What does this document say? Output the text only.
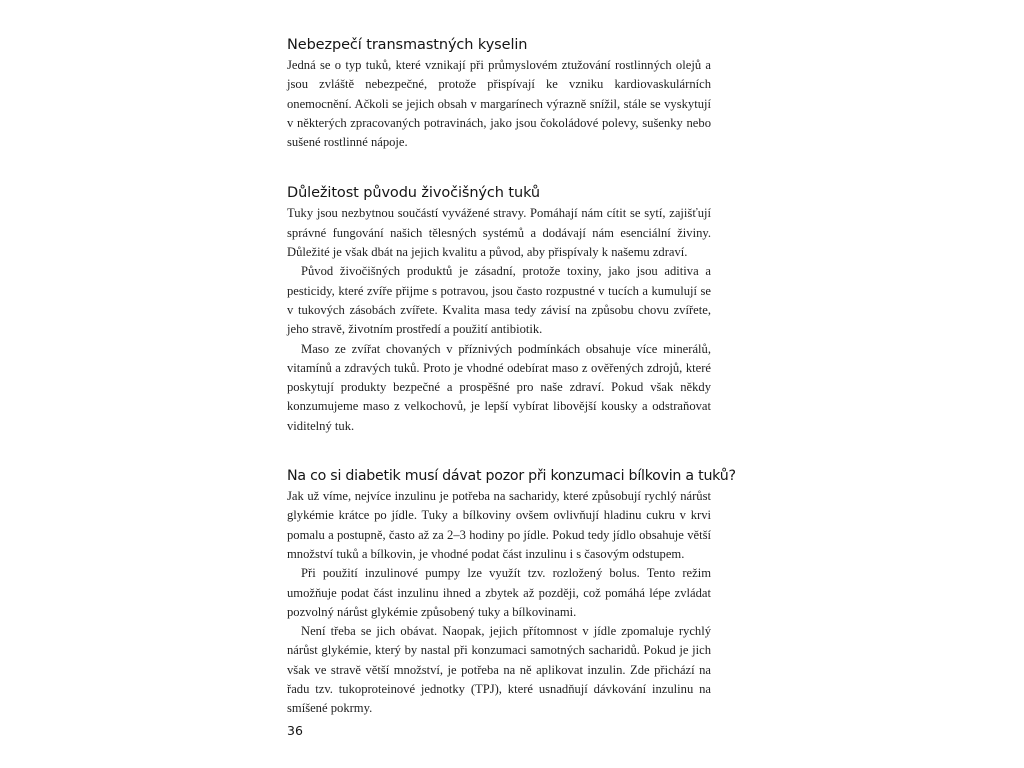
Nebezpečí transmastných kyselin

Jedná se o typ tuků, které vznikají při průmyslovém ztužování rostlinných olejů a jsou zvláště nebezpečné, protože přispívají ke vzniku kardiovaskulárních onemocnění. Ačkoli se jejich obsah v margarínech výrazně snížil, stále se vyskytují v některých zpracovaných potravinách, jako jsou čokoládové polevy, sušenky nebo sušené rostlinné nápoje.

Důležitost původu živočišných tuků

Tuky jsou nezbytnou součástí vyvážené stravy. Pomáhají nám cítit se sytí, zajišťují správné fungování našich tělesných systémů a dodávají nám esenciální živiny. Důležité je však dbát na jejich kvalitu a původ, aby přispívaly k našemu zdraví.

Původ živočišných produktů je zásadní, protože toxiny, jako jsou aditiva a pesticidy, které zvíře přijme s potravou, jsou často rozpustné v tucích a kumulují se v tukových zásobách zvířete. Kvalita masa tedy závisí na způsobu chovu zvířete, jeho stravě, životním prostředí a použití antibiotik.

Maso ze zvířat chovaných v příznivých podmínkách obsahuje více minerálů, vitamínů a zdravých tuků. Proto je vhodné odebírat maso z ověřených zdrojů, které poskytují produkty bezpečné a prospěšné pro naše zdraví. Pokud však někdy konzumujeme maso z velkochovů, je lepší vybírat libovější kousky a odstraňovat viditelný tuk.

Na co si diabetik musí dávat pozor při konzumaci bílkovin a tuků?

Jak už víme, nejvíce inzulinu je potřeba na sacharidy, které způsobují rychlý nárůst glykémie krátce po jídle. Tuky a bílkoviny ovšem ovlivňují hladinu cukru v krvi pomalu a postupně, často až za 2–3 hodiny po jídle. Pokud tedy jídlo obsahuje větší množství tuků a bílkovin, je vhodné podat část inzulinu i s časovým odstupem.

Při použití inzulinové pumpy lze využít tzv. rozložený bolus. Tento režim umožňuje podat část inzulinu ihned a zbytek až později, což pomáhá lépe zvládat pozvolný nárůst glykémie způsobený tuky a bílkovinami.

Není třeba se jich obávat. Naopak, jejich přítomnost v jídle zpomaluje rychlý nárůst glykémie, který by nastal při konzumaci samotných sacharidů. Pokud je jich však ve stravě větší množství, je potřeba na ně aplikovat inzulin. Zde přichází na řadu tzv. tukoproteinové jednotky (TPJ), které usnadňují dávkování inzulinu na smíšené pokrmy.

36
